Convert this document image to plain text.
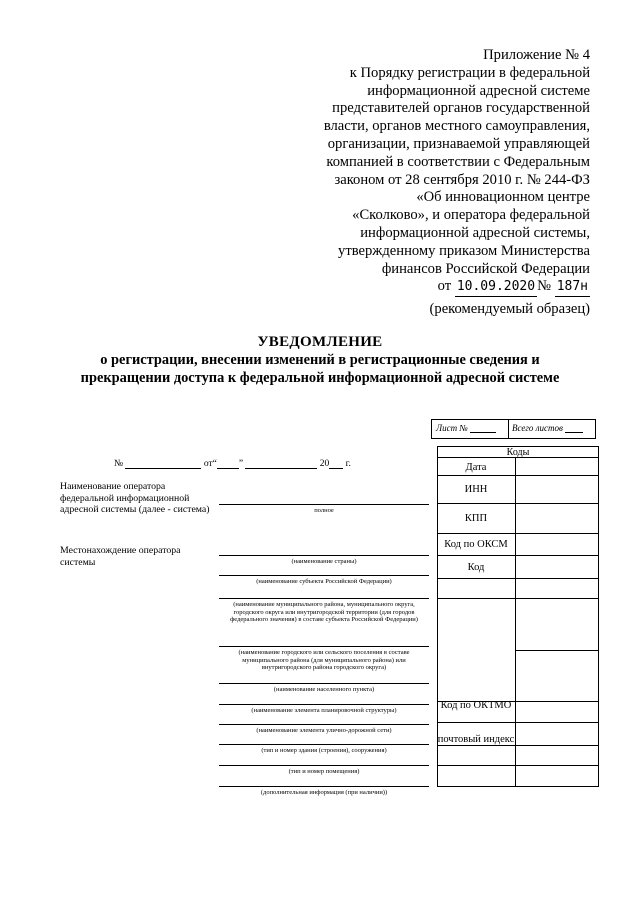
Приложение № 4
к Порядку регистрации в федеральной
информационной адресной системе
представителей органов государственной
власти, органов местного самоуправления,
организации, признаваемой управляющей
компанией в соответствии с Федеральным
законом от 28 сентября 2010 г. № 244-ФЗ
«Об инновационном центре
«Сколково», и оператора федеральной
информационной адресной системы,
утвержденному приказом Министерства
финансов Российской Федерации
от 10.09.2020 № 187н
(рекомендуемый образец)
УВЕДОМЛЕНИЕ
о регистрации, внесении изменений в регистрационные сведения и
прекращении доступа к федеральной информационной адресной системе
Лист №	Всего листов
№	от“ ”	20 г.
Наименование оператора федеральной информационной адресной системы (далее - система)
Местонахождение оператора системы
полное
(наименование страны)
(наименование субъекта Российской Федерации)
(наименование муниципального района, муниципального округа, городского округа или внутригородской территории (для городов федерального значения) в составе субъекта Российской Федерации)
(наименование городского или сельского поселения в составе муниципального района (для муниципального района) или внутригородского района городского округа)
(наименование населенного пункта)
(наименование элемента планировочной структуры)
(наименование элемента улично-дорожной сети)
(тип и номер здания (строения), сооружения)
(тип и номер помещения)
(дополнительная информация (при наличии))
Коды
Дата
ИНН
КПП
Код по ОКСМ
Код
Код по ОКТМО
почтовый индекс
